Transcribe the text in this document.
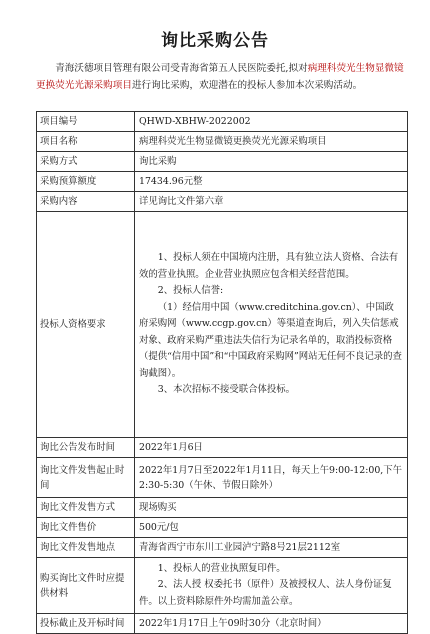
询比采购公告
青海沃德项目管理有限公司受青海省第五人民医院委托,拟对病理科荧光生物显微镜更换荧光光源采购项目进行询比采购，欢迎潜在的投标人参加本次采购活动。
项目编号	QHWD-XBHW-2022002
项目名称	病理科荧光生物显微镜更换荧光光源采购项目
采购方式	询比采购
采购预算额度	17434.96元整
采购内容	详见询比文件第六章
投标人资格要求	1、投标人须在中国境内注册，具有独立法人资格、合法有效的营业执照。企业营业执照应包含相关经营范围。

2、投标人信誉:

（1）经信用中国（www.creditchina.gov.cn）、中国政府采购网（www.ccgp.gov.cn）等渠道查询后，列入失信惩戒对象、政府采购严重违法失信行为记录名单的，取消投标资格（提供“信用中国”和“中国政府采购网”网站无任何不良记录的查询截图）。

3、本次招标不接受联合体投标。

询比公告发布时间	2022年1月6日
询比文件发售起止时间	2022年1月7日至2022年1月11日，每天上午9:00-12:00,下午2:30-5:30（午休、节假日除外）
询比文件发售方式	现场购买
询比文件售价	500元/包
询比文件发售地点	青海省西宁市东川工业园泸宁路8号21层2112室
购买询比文件时应提供材料	1、投标人的营业执照复印件。

2、法人授 权委托书（原件）及被授权人、法人身份证复件。以上资料除原件外均需加盖公章。

投标截止及开标时间	2022年1月17日上午09时30分（北京时间）
